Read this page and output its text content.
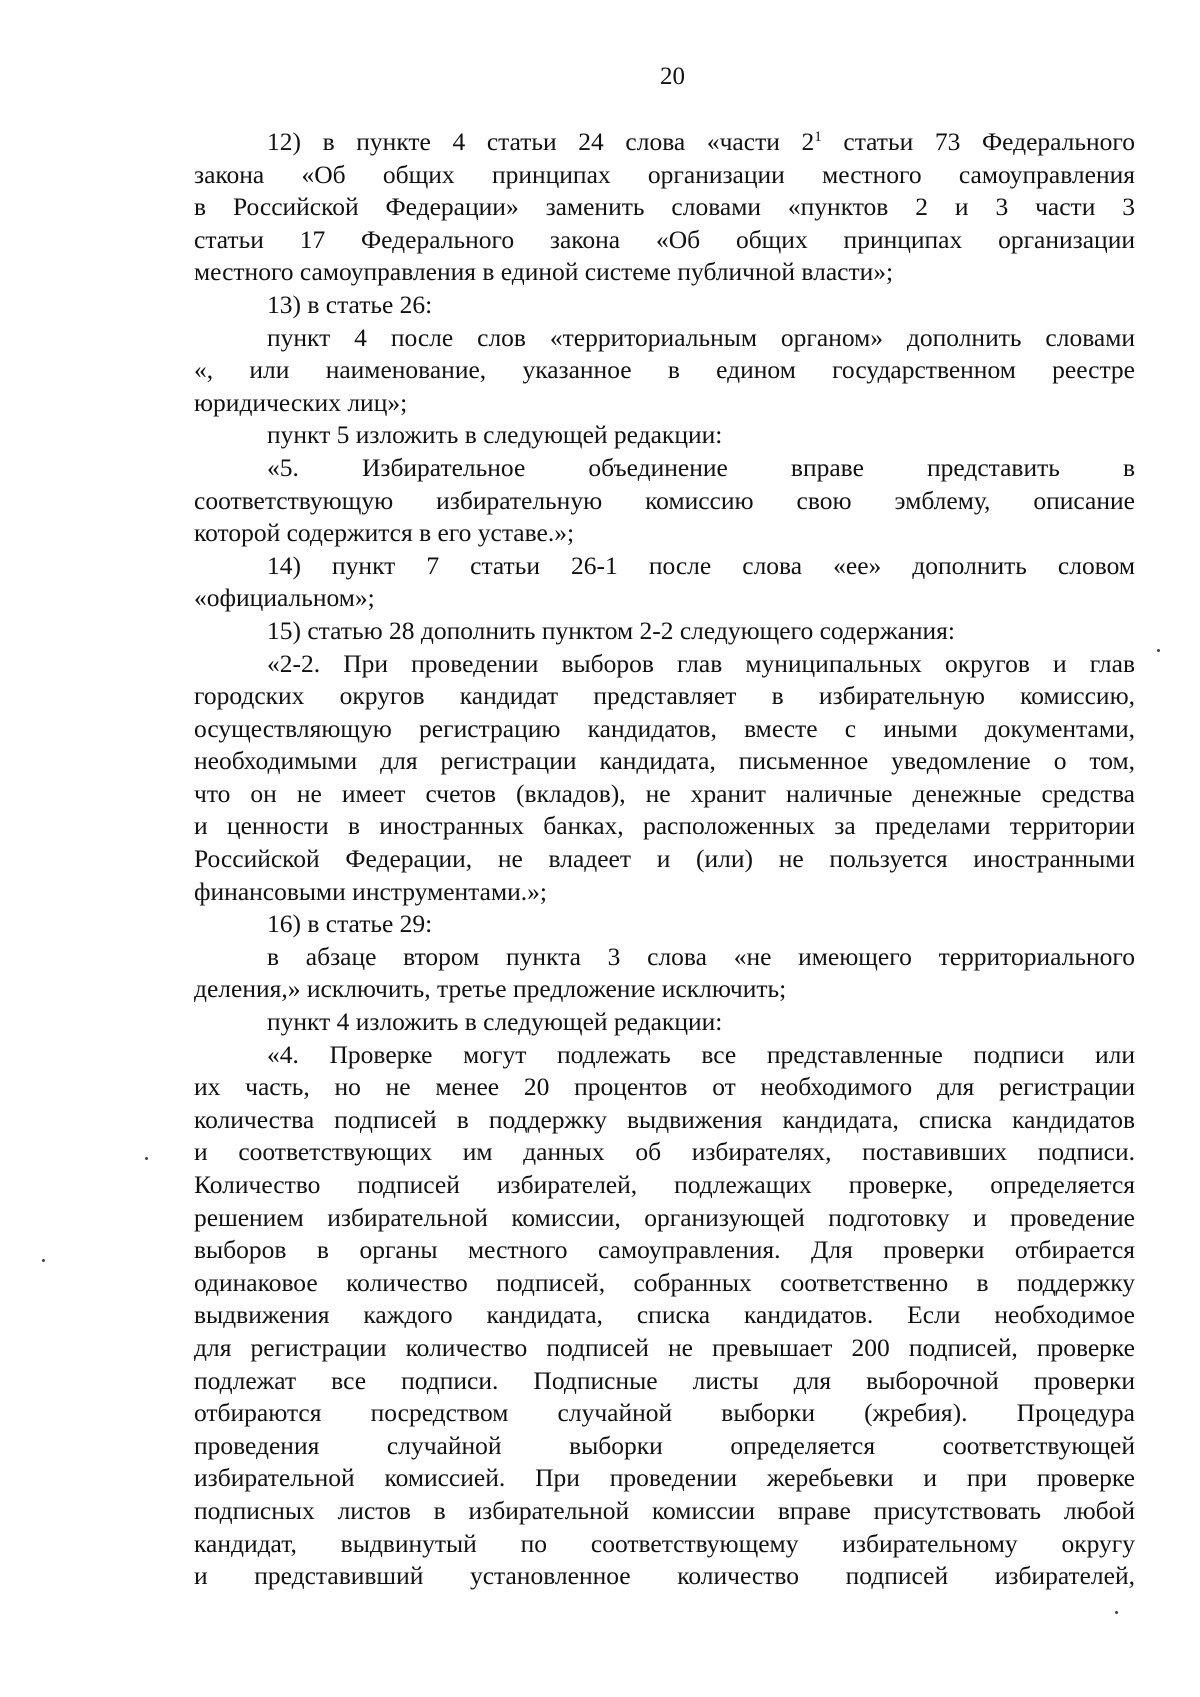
20
12) в пункте 4 статьи 24 слова «части $2^1$ статьи 73 Федерального
закона «Об общих принципах организации местного самоуправления
в Российской Федерации» заменить словами «пунктов 2 и 3 части 3
статьи 17 Федерального закона «Об общих принципах организации
местного самоуправления в единой системе публичной власти»;
13) в статье 26:
пункт 4 после слов «территориальным органом» дополнить словами
«, или наименование, указанное в едином государственном реестре
юридических лиц»;
пункт 5 изложить в следующей редакции:
«5. Избирательное объединение вправе представить в
соответствующую избирательную комиссию свою эмблему, описание
которой содержится в его уставе.»;
14) пункт 7 статьи 26-1 после слова «ее» дополнить словом
«официальном»;
15) статью 28 дополнить пунктом 2-2 следующего содержания:
«2-2. При проведении выборов глав муниципальных округов и глав
городских округов кандидат представляет в избирательную комиссию,
осуществляющую регистрацию кандидатов, вместе с иными документами,
необходимыми для регистрации кандидата, письменное уведомление о том,
что он не имеет счетов (вкладов), не хранит наличные денежные средства
и ценности в иностранных банках, расположенных за пределами территории
Российской Федерации, не владеет и (или) не пользуется иностранными
финансовыми инструментами.»;
16) в статье 29:
в абзаце втором пункта 3 слова «не имеющего территориального
деления,» исключить, третье предложение исключить;
пункт 4 изложить в следующей редакции:
«4. Проверке могут подлежать все представленные подписи или
их часть, но не менее 20 процентов от необходимого для регистрации
количества подписей в поддержку выдвижения кандидата, списка кандидатов
и соответствующих им данных об избирателях, поставивших подписи.
Количество подписей избирателей, подлежащих проверке, определяется
решением избирательной комиссии, организующей подготовку и проведение
выборов в органы местного самоуправления. Для проверки отбирается
одинаковое количество подписей, собранных соответственно в поддержку
выдвижения каждого кандидата, списка кандидатов. Если необходимое
для регистрации количество подписей не превышает 200 подписей, проверке
подлежат все подписи. Подписные листы для выборочной проверки
отбираются посредством случайной выборки (жребия). Процедура
проведения случайной выборки определяется соответствующей
избирательной комиссией. При проведении жеребьевки и при проверке
подписных листов в избирательной комиссии вправе присутствовать любой
кандидат, выдвинутый по соответствующему избирательному округу
и представивший установленное количество подписей избирателей,
